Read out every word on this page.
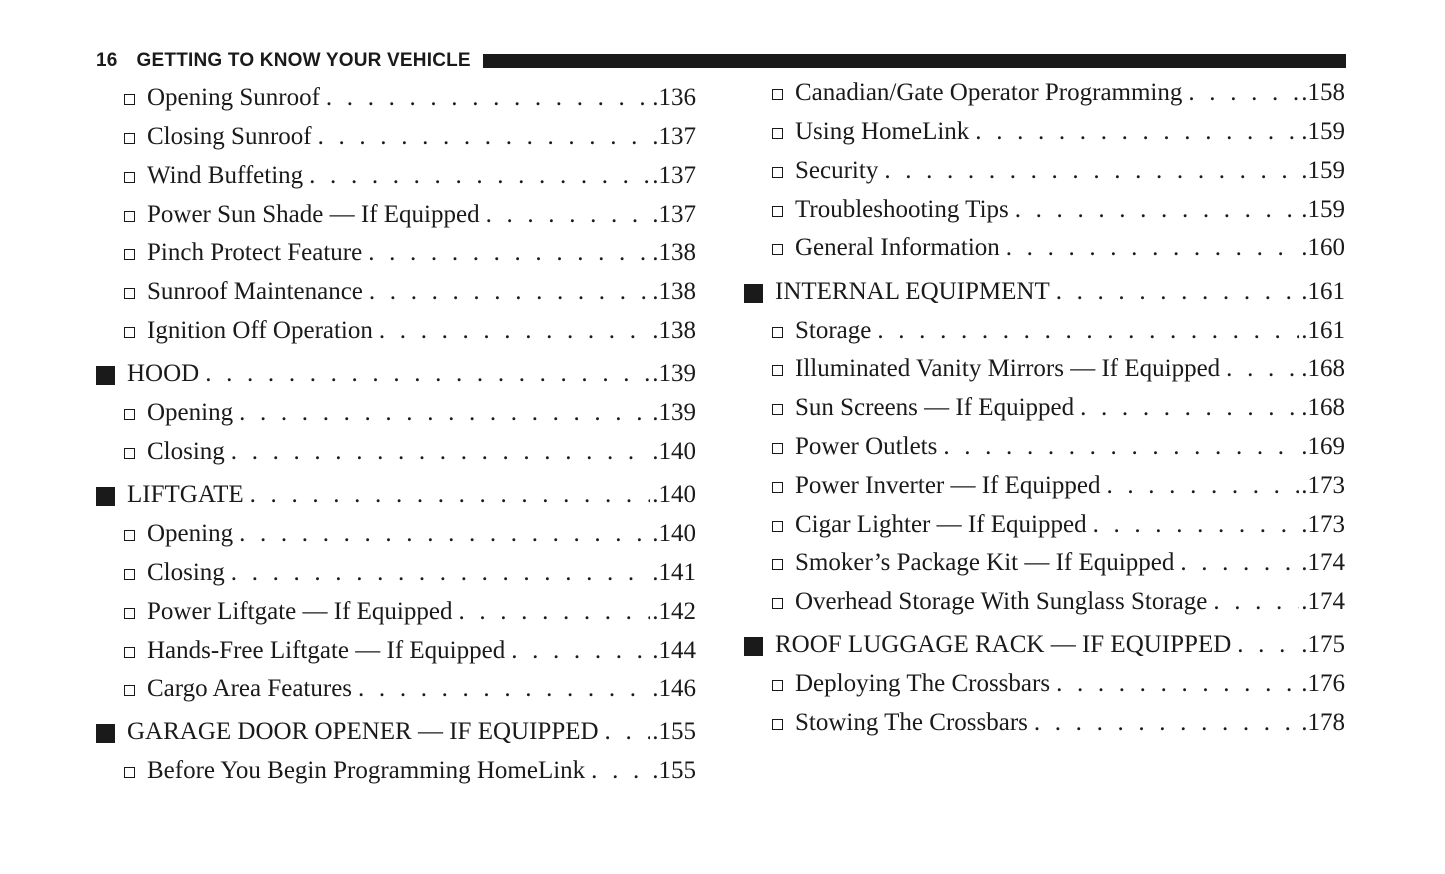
16 GETTING TO KNOW YOUR VEHICLE
Opening Sunroof . . .	.136
Closing Sunroof . . .	.137
Wind Buffeting . . .	.137
Power Sun Shade — If Equipped . . .	.137
Pinch Protect Feature . . .	.138
Sunroof Maintenance . . .	.138
Ignition Off Operation . . .	.138
HOOD . . .	.139
Opening . . .	.139
Closing . . .	.140
LIFTGATE . . .	.140
Opening . . .	.140
Closing . . .	.141
Power Liftgate — If Equipped . . .	.142
Hands-Free Liftgate — If Equipped . . .	.144
Cargo Area Features . . .	.146
GARAGE DOOR OPENER — IF EQUIPPED . . . .155
Before You Begin Programming HomeLink . . .	.155
Canadian/Gate Operator Programming . . .	.158
Using HomeLink . . .	.159
Security . . .	.159
Troubleshooting Tips . . .	.159
General Information . . .	.160
INTERNAL EQUIPMENT . . .	.161
Storage . . .	.161
Illuminated Vanity Mirrors — If Equipped . . .	.168
Sun Screens — If Equipped . . .	.168
Power Outlets . . .	.169
Power Inverter — If Equipped . . .	.173
Cigar Lighter — If Equipped . . .	.173
Smoker’s Package Kit — If Equipped . . .	.174
Overhead Storage With Sunglass Storage . . .	.174
ROOF LUGGAGE RACK — IF EQUIPPED . . .	.175
Deploying The Crossbars . . .	.176
Stowing The Crossbars . . .	.178
